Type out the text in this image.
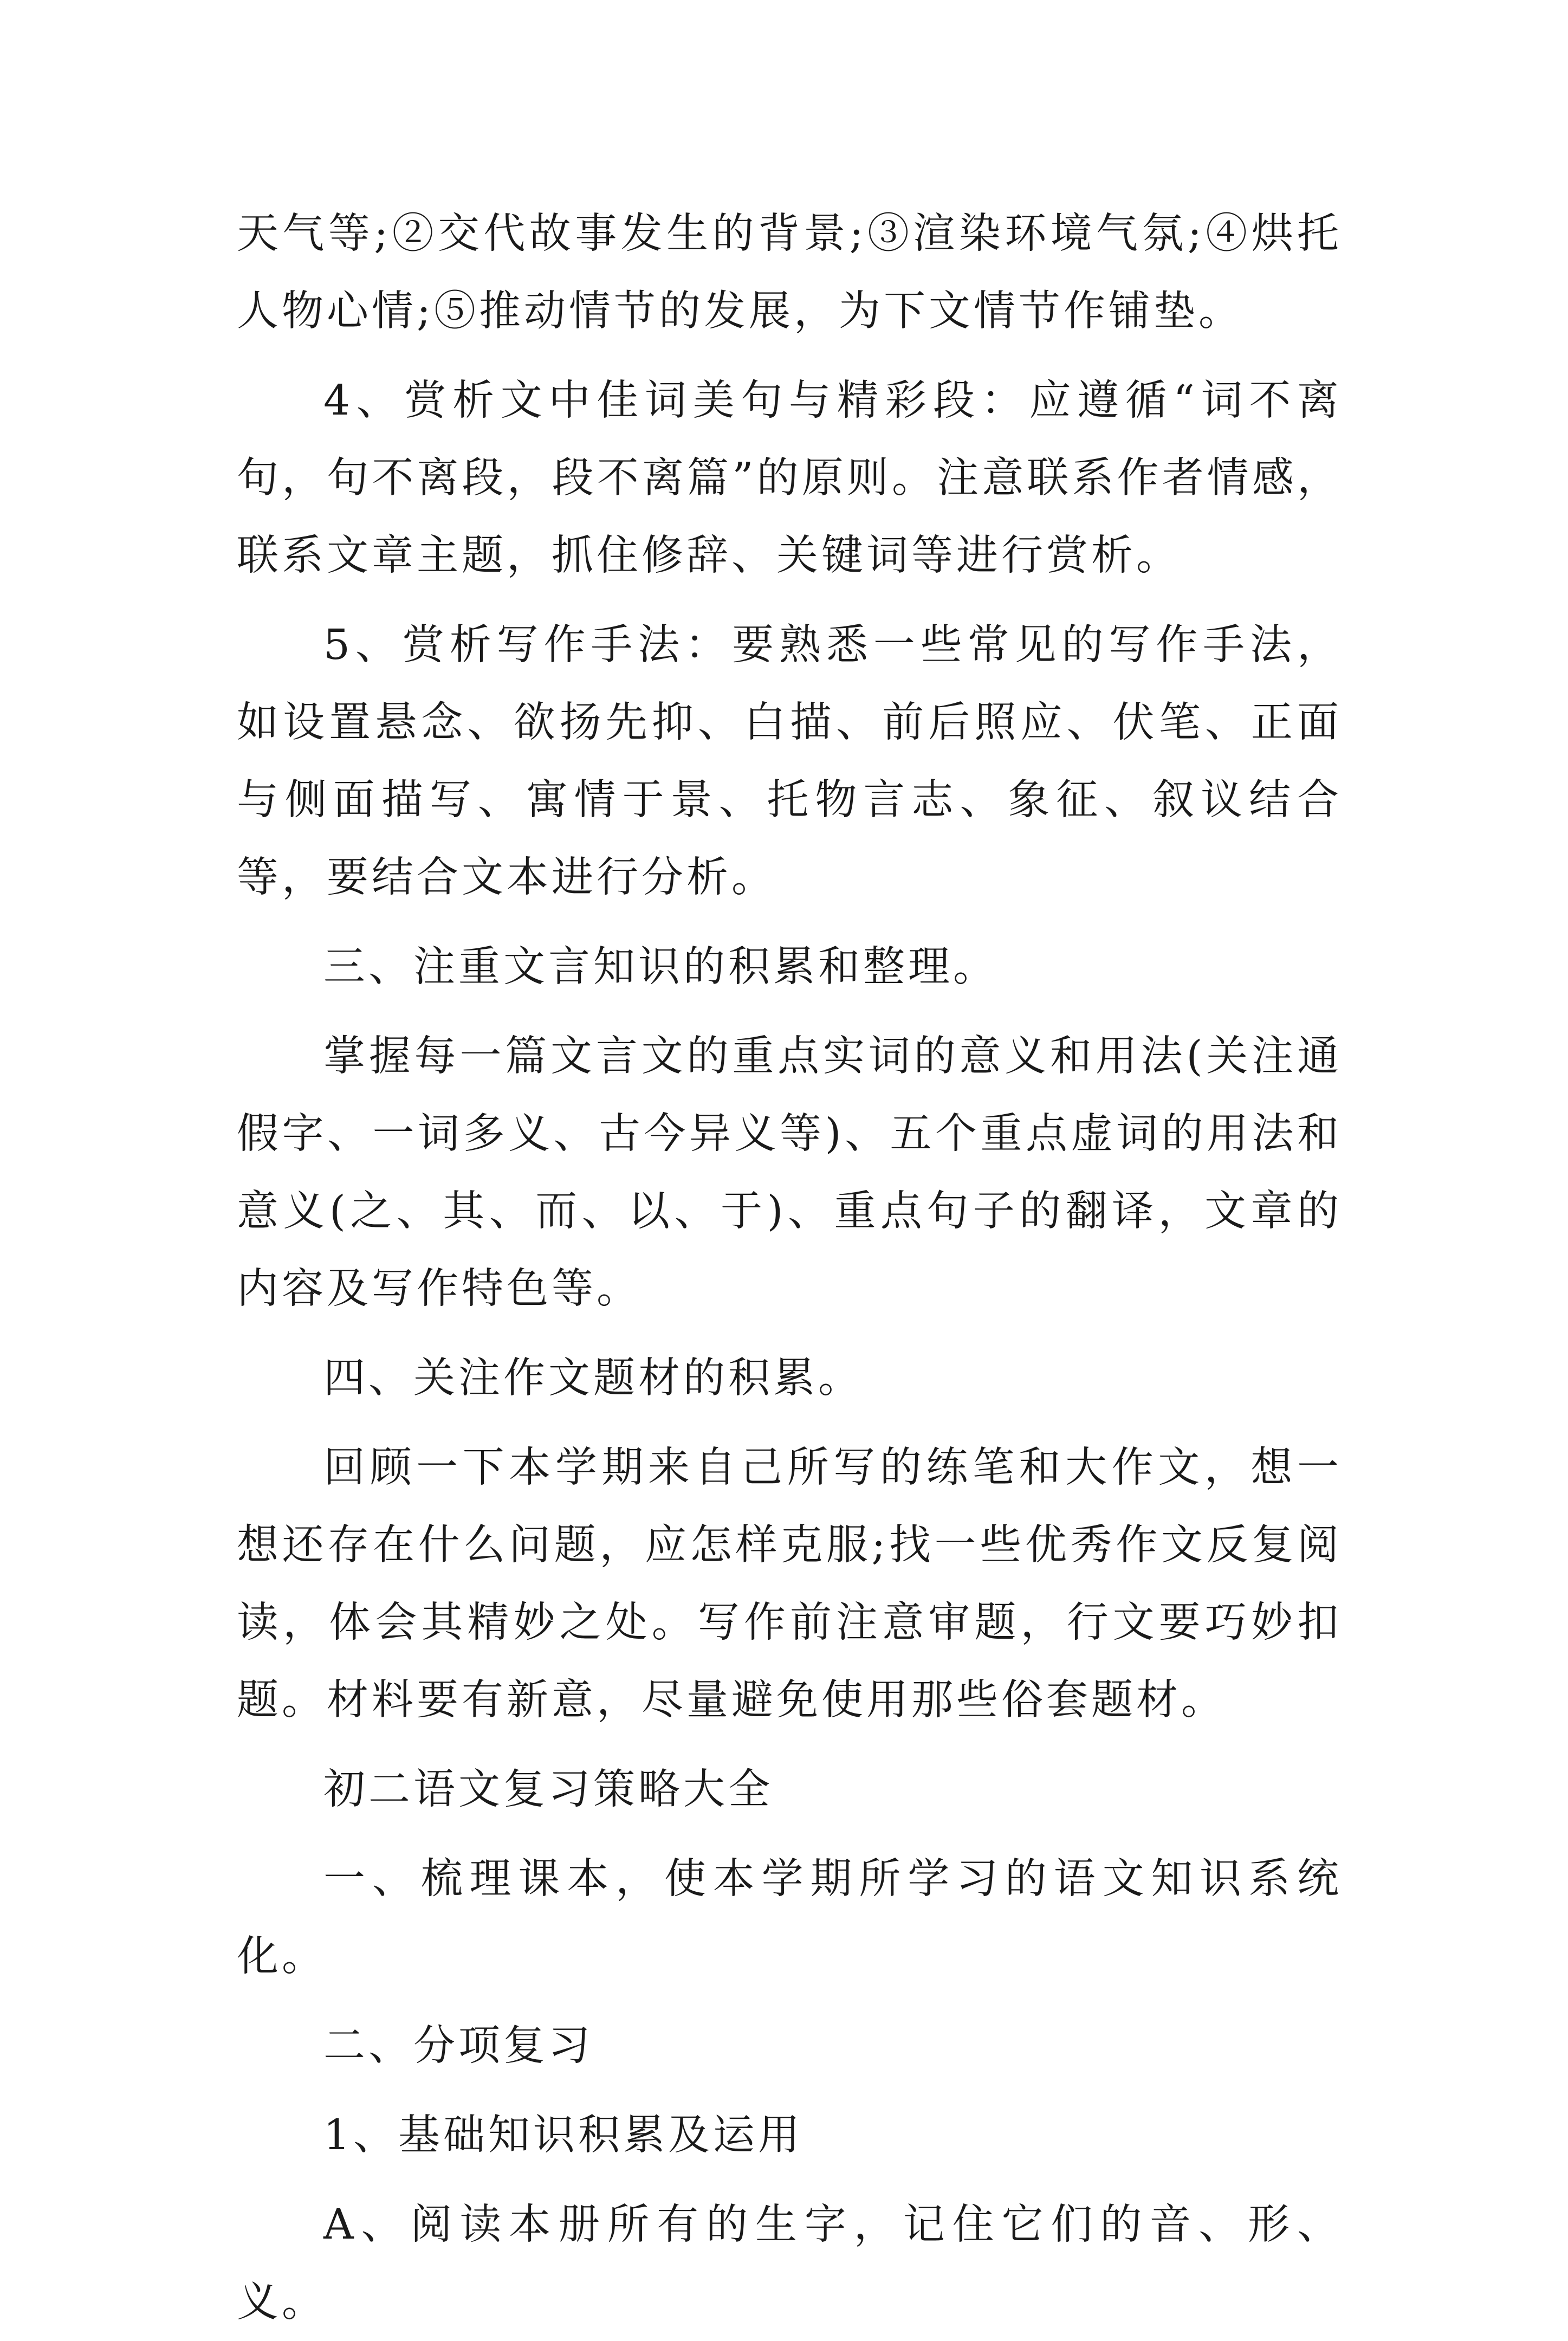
天气等;②交代故事发生的背景;③渲染环境气氛;④烘托人物心情;⑤推动情节的发展，为下文情节作铺垫。

4、赏析文中佳词美句与精彩段：应遵循“词不离句，句不离段，段不离篇”的原则。注意联系作者情感，联系文章主题，抓住修辞、关键词等进行赏析。

5、赏析写作手法：要熟悉一些常见的写作手法，如设置悬念、欲扬先抑、白描、前后照应、伏笔、正面与侧面描写、寓情于景、托物言志、象征、叙议结合等，要结合文本进行分析。

三、注重文言知识的积累和整理。

掌握每一篇文言文的重点实词的意义和用法(关注通假字、一词多义、古今异义等)、五个重点虚词的用法和意义(之、其、而、以、于)、重点句子的翻译，文章的内容及写作特色等。

四、关注作文题材的积累。

回顾一下本学期来自己所写的练笔和大作文，想一想还存在什么问题，应怎样克服;找一些优秀作文反复阅读，体会其精妙之处。写作前注意审题，行文要巧妙扣题。材料要有新意，尽量避免使用那些俗套题材。

初二语文复习策略大全

一、梳理课本，使本学期所学习的语文知识系统化。

二、分项复习

1、基础知识积累及运用

A、阅读本册所有的生字，记住它们的音、形、义。
